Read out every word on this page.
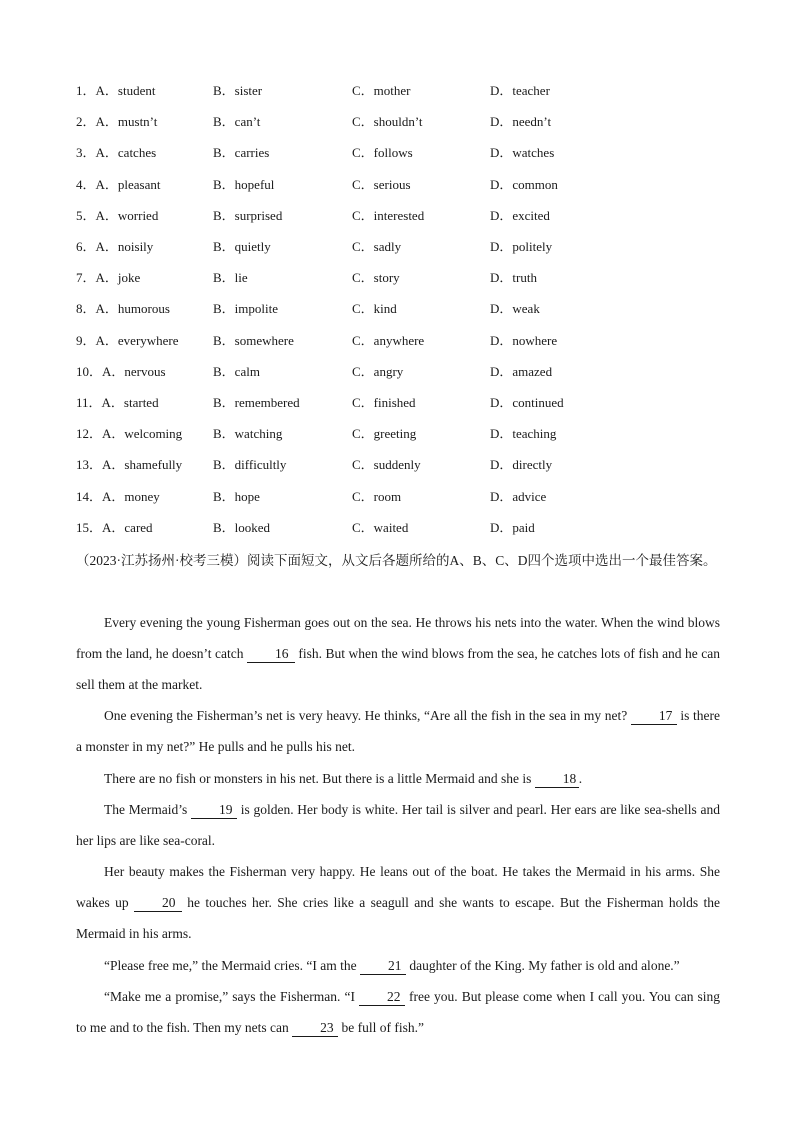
1．A．student	B．sister	C．mother	D．teacher
2．A．mustn’t	B．can’t	C．shouldn’t	D．needn’t
3．A．catches	B．carries	C．follows	D．watches
4．A．pleasant	B．hopeful	C．serious	D．common
5．A．worried	B．surprised	C．interested	D．excited
6．A．noisily	B．quietly	C．sadly	D．politely
7．A．joke	B．lie	C．story	D．truth
8．A．humorous	B．impolite	C．kind	D．weak
9．A．everywhere	B．somewhere	C．anywhere	D．nowhere
10．A．nervous	B．calm	C．angry	D．amazed
11．A．started	B．remembered	C．finished	D．continued
12．A．welcoming B．watching	C．greeting	D．teaching
13．A．shamefully B．difficultly	C．suddenly	D．directly
14．A．money	B．hope	C．room	D．advice
15．A．cared	B．looked	C．waited	D．paid
（2023·江苏扬州·校考三模）阅读下面短文，从文后各题所给的A、B、C、D四个选项中选出一个最佳答案。
Every evening the young Fisherman goes out on the sea. He throws his nets into the water. When the wind blows from the land, he doesn’t catch 16 fish. But when the wind blows from the sea, he catches lots of fish and he can sell them at the market.
One evening the Fisherman’s net is very heavy. He thinks, “Are all the fish in the sea in my net? 17 is there a monster in my net?” He pulls and he pulls his net.
There are no fish or monsters in his net. But there is a little Mermaid and she is 18 .
The Mermaid’s 19 is golden. Her body is white. Her tail is silver and pearl. Her ears are like sea-shells and her lips are like sea-coral.
Her beauty makes the Fisherman very happy. He leans out of the boat. He takes the Mermaid in his arms. She wakes up 20 he touches her. She cries like a seagull and she wants to escape. But the Fisherman holds the Mermaid in his arms.
“Please free me,” the Mermaid cries. “I am the 21 daughter of the King. My father is old and alone.”
“Make me a promise,” says the Fisherman. “I 22 free you. But please come when I call you. You can sing to me and to the fish. Then my nets can 23 be full of fish.”
